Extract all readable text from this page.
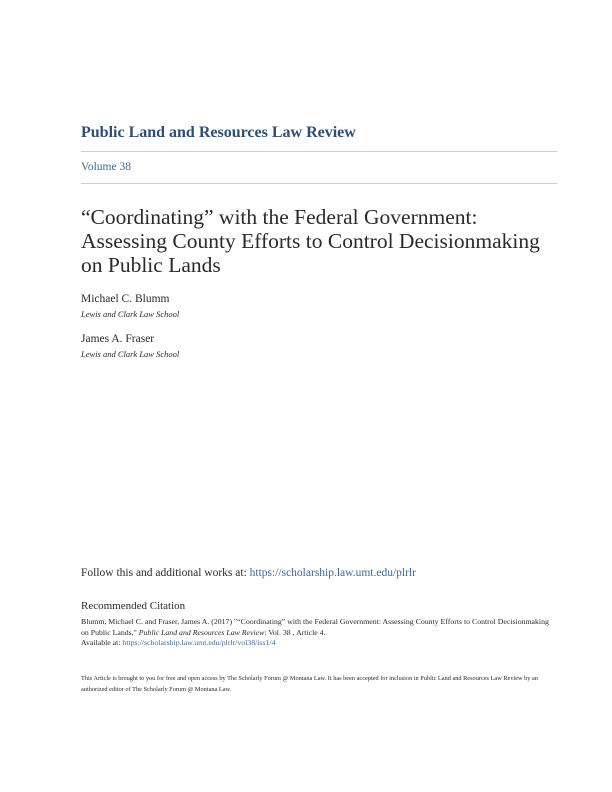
Public Land and Resources Law Review
Volume 38
“Coordinating” with the Federal Government: Assessing County Efforts to Control Decisionmaking on Public Lands
Michael C. Blumm
Lewis and Clark Law School
James A. Fraser
Lewis and Clark Law School
Follow this and additional works at: https://scholarship.law.umt.edu/plrlr
Recommended Citation
Blumm, Michael C. and Fraser, James A. (2017) "“Coordinating” with the Federal Government: Assessing County Efforts to Control Decisionmaking on Public Lands," Public Land and Resources Law Review: Vol. 38 , Article 4.
Available at: https://scholarship.law.umt.edu/plrlr/vol38/iss1/4
This Article is brought to you for free and open access by The Scholarly Forum @ Montana Law. It has been accepted for inclusion in Public Land and Resources Law Review by an authorized editor of The Scholarly Forum @ Montana Law.
